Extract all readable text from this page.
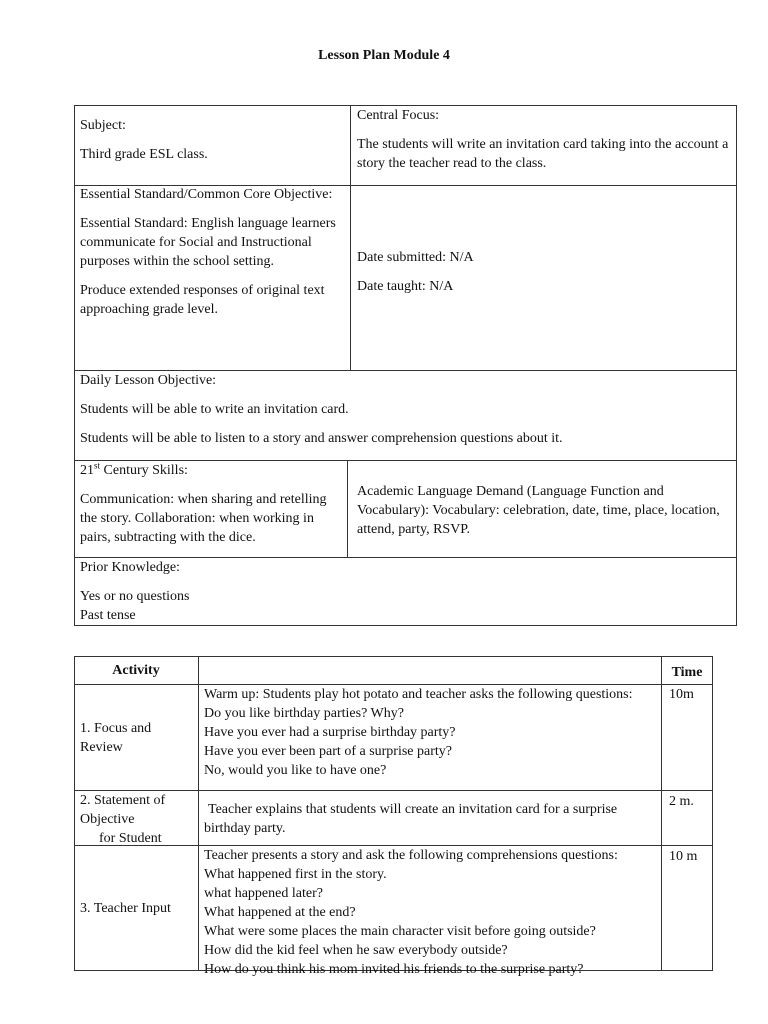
Lesson Plan Module 4

Subject:

Third grade ESL class.

Central Focus:

The students will write an invitation card taking into the account a story the teacher read to the class.

Essential Standard/Common Core Objective:

Essential Standard: English language learners communicate for Social and Instructional purposes within the school setting.

Produce extended responses of original text approaching grade level.

Date submitted: N/A

Date taught: N/A

Daily Lesson Objective:

Students will be able to write an invitation card.

Students will be able to listen to a story and answer comprehension questions about it.

21st Century Skills:

Communication: when sharing and retelling the story. Collaboration: when working in pairs, subtracting with the dice.

Academic Language Demand (Language Function and Vocabulary): Vocabulary: celebration, date, time, place, location, attend, party, RSVP.

Prior Knowledge:

Yes or no questions

Past tense

Activity	Time
1. Focus and Review

Warm up: Students play hot potato and teacher asks the following questions:

Do you like birthday parties? Why?

Have you ever had a surprise birthday party?

Have you ever been part of a surprise party?

No, would you like to have one?

10m

2. Statement of

Objective

for Student

Teacher explains that students will create an invitation card for a surprise birthday party.

2 m.
3. Teacher Input

Teacher presents a story and ask the following comprehensions questions:

What happened first in the story.

what happened later?

What happened at the end?

What were some places the main character visit before going outside?

How did the kid feel when he saw everybody outside?

How do you think his mom invited his friends to the surprise party?

10 m
